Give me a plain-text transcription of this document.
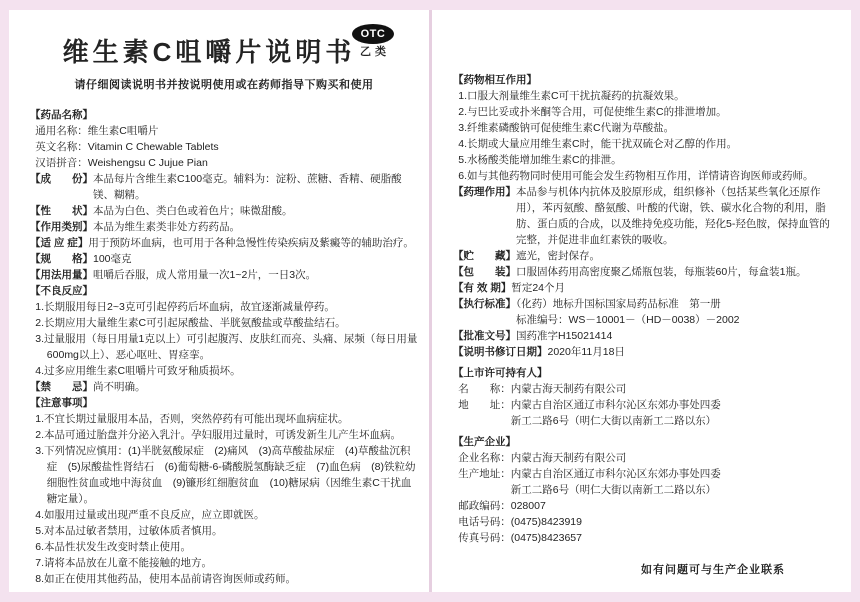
维生素C咀嚼片说明书
请仔细阅读说明书并按说明使用或在药师指导下购买和使用
OTC
乙类
【药品名称】
通用名称：维生素C咀嚼片
英文名称：Vitamin C Chewable Tablets
汉语拼音：Weishengsu C Jujue Pian
【成　　份】本品每片含维生素C100毫克。辅料为：淀粉、蔗糖、香精、硬脂酸镁、糊精。
【性　　状】本品为白色、类白色或着色片；味微甜酸。
【作用类别】本品为维生素类非处方药药品。
【适 应 症】用于预防坏血病，也可用于各种急慢性传染疾病及紫癜等的辅助治疗。
【规　　格】100毫克
【用法用量】咀嚼后吞服，成人常用量一次1~2片，一日3次。
【不良反应】
1.长期服用每日2~3克可引起停药后坏血病，故宜逐渐减量停药。
2.长期应用大量维生素C可引起尿酸盐、半胱氨酸盐或草酸盐结石。
3.过量服用（每日用量1克以上）可引起腹泻、皮肤红而亮、头痛、尿频（每日用量600mg以上）、恶心呕吐、胃痉挛。
4.过多应用维生素C咀嚼片可致牙釉质损坏。
【禁　　忌】尚不明确。
【注意事项】
1.不宜长期过量服用本品，否则，突然停药有可能出现坏血病症状。
2.本品可通过胎盘并分泌入乳汁。孕妇服用过量时，可诱发新生儿产生坏血病。
3.下列情况应慎用：(1)半胱氨酸尿症　(2)痛风　(3)高草酸盐尿症　(4)草酸盐沉积症　(5)尿酸盐性肾结石　(6)葡萄糖-6-磷酸脱氢酶缺乏症　(7)血色病　(8)铁粒幼细胞性贫血或地中海贫血　(9)镰形红细胞贫血　(10)糖尿病（因维生素C干扰血糖定量）。
4.如服用过量或出现严重不良反应，应立即就医。
5.对本品过敏者禁用，过敏体质者慎用。
6.本品性状发生改变时禁止使用。
7.请将本品放在儿童不能接触的地方。
8.如正在使用其他药品，使用本品前请咨询医师或药师。
【药物相互作用】
1.口服大剂量维生素C可干扰抗凝药的抗凝效果。
2.与巴比妥或扑米酮等合用，可促使维生素C的排泄增加。
3.纤维素磷酸钠可促使维生素C代谢为草酸盐。
4.长期或大量应用维生素C时，能干扰双硫仑对乙醇的作用。
5.水杨酸类能增加维生素C的排泄。
6.如与其他药物同时使用可能会发生药物相互作用，详情请咨询医师或药师。
【药理作用】本品参与机体内抗体及胶原形成，组织修补（包括某些氧化还原作用），苯丙氨酸、酪氨酸、叶酸的代谢，铁、碳水化合物的利用，脂肪、蛋白质的合成，以及维持免疫功能，羟化5-羟色胺，保持血管的完整，并促进非血红素铁的吸收。
【贮　　藏】遮光，密封保存。
【包　　装】口服固体药用高密度聚乙烯瓶包装，每瓶装60片，每盒装1瓶。
【有 效 期】暂定24个月
【执行标准】（化药）地标升国标国家局药品标准　第一册
标准编号：WS－10001－（HD－0038）－2002
【批准文号】国药准字H15021414
【说明书修订日期】2020年11月18日
【上市许可持有人】
名　　称：内蒙古海天制药有限公司
地　　址：内蒙古自治区通辽市科尔沁区东郊办事处四委
　　　　　新工二路6号（明仁大街以南新工二路以东）
【生产企业】
企业名称：内蒙古海天制药有限公司
生产地址：内蒙古自治区通辽市科尔沁区东郊办事处四委
　　　　　新工二路6号（明仁大街以南新工二路以东）
邮政编码：028007
电话号码：(0475)8423919
传真号码：(0475)8423657
如有问题可与生产企业联系
